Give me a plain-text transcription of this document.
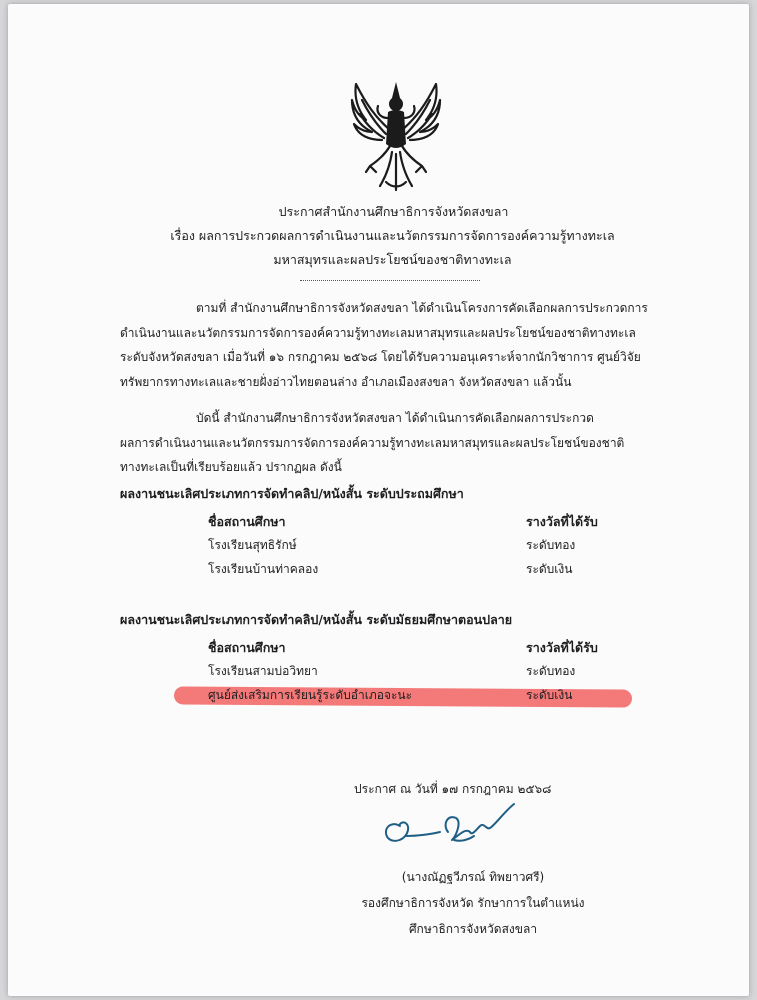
ประกาศสำนักงานศึกษาธิการจังหวัดสงขลา
เรื่อง ผลการประกวดผลการดำเนินงานและนวัตกรรมการจัดการองค์ความรู้ทางทะเล
มหาสมุทรและผลประโยชน์ของชาติทางทะเล
ตามที่ สำนักงานศึกษาธิการจังหวัดสงขลา ได้ดำเนินโครงการคัดเลือกผลการประกวดการ
ดำเนินงานและนวัตกรรมการจัดการองค์ความรู้ทางทะเลมหาสมุทรและผลประโยชน์ของชาติทางทะเล
ระดับจังหวัดสงขลา เมื่อวันที่ ๑๖ กรกฎาคม ๒๕๖๘ โดยได้รับความอนุเคราะห์จากนักวิชาการ ศูนย์วิจัย
ทรัพยากรทางทะเลและชายฝั่งอ่าวไทยตอนล่าง อำเภอเมืองสงขลา จังหวัดสงขลา แล้วนั้น
บัดนี้ สำนักงานศึกษาธิการจังหวัดสงขลา ได้ดำเนินการคัดเลือกผลการประกวด
ผลการดำเนินงานและนวัตกรรมการจัดการองค์ความรู้ทางทะเลมหาสมุทรและผลประโยชน์ของชาติ
ทางทะเลเป็นที่เรียบร้อยแล้ว ปรากฏผล ดังนี้
ผลงานชนะเลิศประเภทการจัดทำคลิป/หนังสั้น ระดับประถมศึกษา
ชื่อสถานศึกษา	รางวัลที่ได้รับ
โรงเรียนสุทธิรักษ์	ระดับทอง
โรงเรียนบ้านท่าคลอง	ระดับเงิน
ผลงานชนะเลิศประเภทการจัดทำคลิป/หนังสั้น ระดับมัธยมศึกษาตอนปลาย
ชื่อสถานศึกษา	รางวัลที่ได้รับ
โรงเรียนสามบ่อวิทยา	ระดับทอง
ศูนย์ส่งเสริมการเรียนรู้ระดับอำเภอจะนะ	ระดับเงิน
ประกาศ ณ วันที่ ๑๗ กรกฎาคม ๒๕๖๘
(นางณัฏฐวีภรณ์ ทิพยาวศรี)
รองศึกษาธิการจังหวัด รักษาการในตำแหน่ง
ศึกษาธิการจังหวัดสงขลา
